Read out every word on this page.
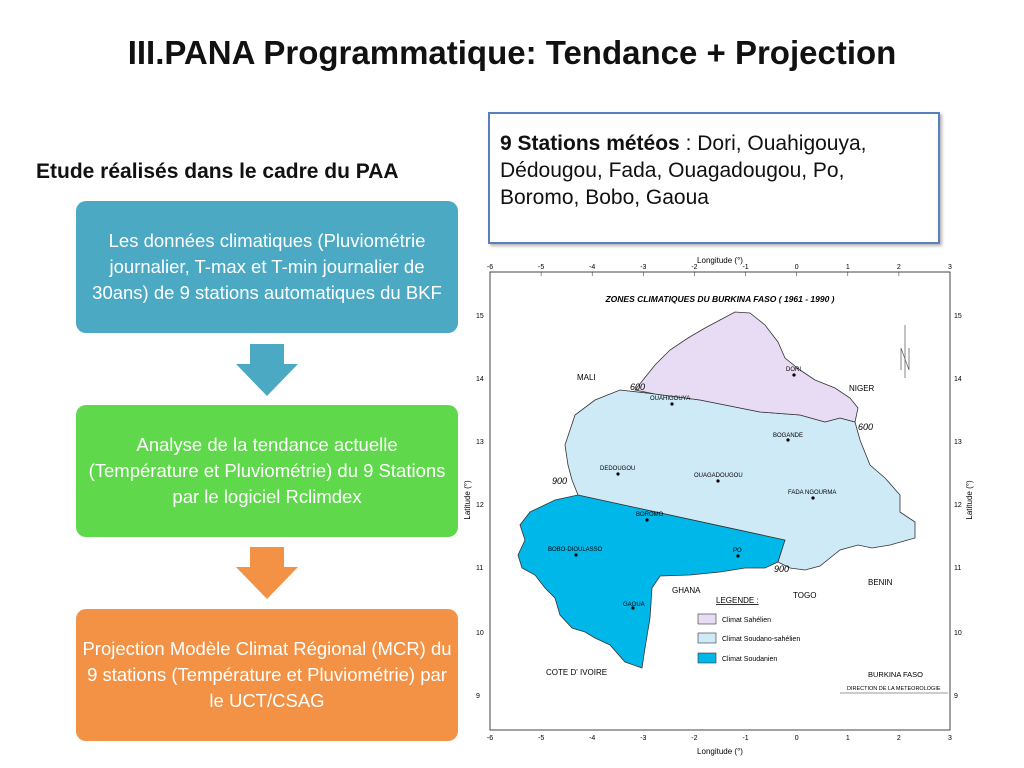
III.PANA Programmatique: Tendance + Projection
Etude réalisés dans le cadre du PAA
Les données climatiques (Pluviométrie journalier, T-max et T-min journalier de 30ans) de 9 stations automatiques du BKF
Analyse de la tendance actuelle (Température et Pluviométrie) du 9 Stations par le logiciel Rclimdex
Projection Modèle Climat Régional (MCR) du 9 stations (Température et Pluviométrie) par le UCT/CSAG
9 Stations météos : Dori, Ouahigouya, Dédougou, Fada, Ouagadougou, Po, Boromo, Bobo, Gaoua
Longitude (°)
Longitude (°)
Latitude (°)	Latitude (°)
-6
-6
-5
-5
-4
-4
-3
-3
-2
-2
-1
-1
0
0
1
1
2
2
3
3
15	15
14	14
13	13
12	12
11	11
10	10
9	9
ZONES CLIMATIQUES DU BURKINA FASO ( 1961 - 1990 )
600
600
900
900
MALI
NIGER
GHANA
TOGO
BENIN
COTE D' IVOIRE
DORI
OUAHIGOUYA
BOGANDE
DEDOUGOU
OUAGADOUGOU
FADA NGOURMA
BOROMO
BOBO-DIOULASSO	PO
GAOUA	LEGENDE :
Climat Sahélien
Climat Soudano-sahélien
Climat Soudanien
BURKINA FASO
DIRECTION DE LA METEOROLOGIE
